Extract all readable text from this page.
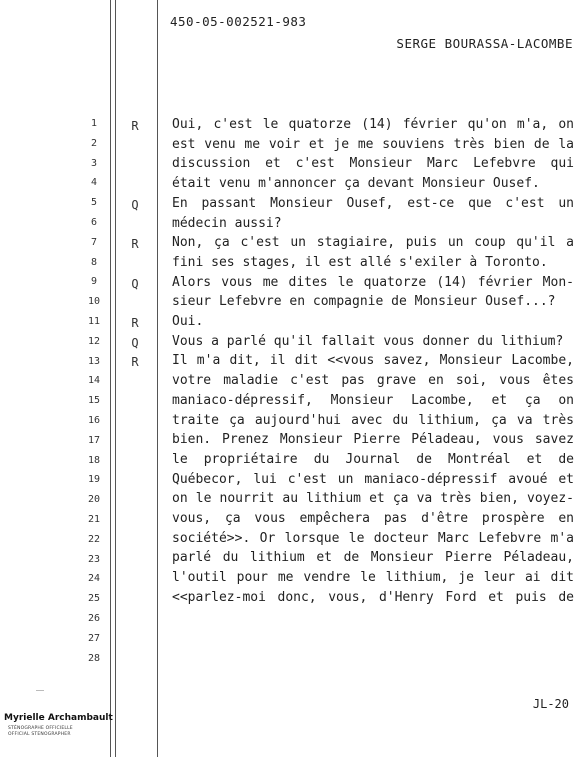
450-05-002521-983
SERGE BOURASSA-LACOMBE
1
2
3
4
5
6
7
8
9
10
11
12
13
14
15
16
17
18
19
20
21
22
23
24
25
26
27
28
R
Q
R
Q
R
Q
R
Oui, c'est le quatorze (14) février qu'on m'a, on
est venu me voir et je me souviens très bien de la
discussion et c'est Monsieur Marc Lefebvre qui
était venu m'annoncer ça devant Monsieur Ousef.
En passant Monsieur Ousef, est-ce que c'est un
médecin aussi?
Non, ça c'est un stagiaire, puis un coup qu'il a
fini ses stages, il est allé s'exiler à Toronto.
Alors vous me dites le quatorze (14) février Mon-
sieur Lefebvre en compagnie de Monsieur Ousef...?
Oui.
Vous a parlé qu'il fallait vous donner du lithium?
Il m'a dit, il dit <<vous savez, Monsieur Lacombe,
votre maladie c'est pas grave en soi, vous êtes
maniaco-dépressif, Monsieur Lacombe, et ça on
traite ça aujourd'hui avec du lithium, ça va très
bien. Prenez Monsieur Pierre Péladeau, vous savez
le propriétaire du Journal de Montréal et de
Québecor, lui c'est un maniaco-dépressif avoué et
on le nourrit au lithium et ça va très bien, voyez-
vous, ça vous empêchera pas d'être prospère en
société>>. Or lorsque le docteur Marc Lefebvre m'a
parlé du lithium et de Monsieur Pierre Péladeau,
l'outil pour me vendre le lithium, je leur ai dit
<<parlez-moi donc, vous, d'Henry Ford et puis de
JL-20
Myrielle Archambault
STÉNOGRAPHE OFFICIELLE
OFFICIAL STENOGRAPHER
